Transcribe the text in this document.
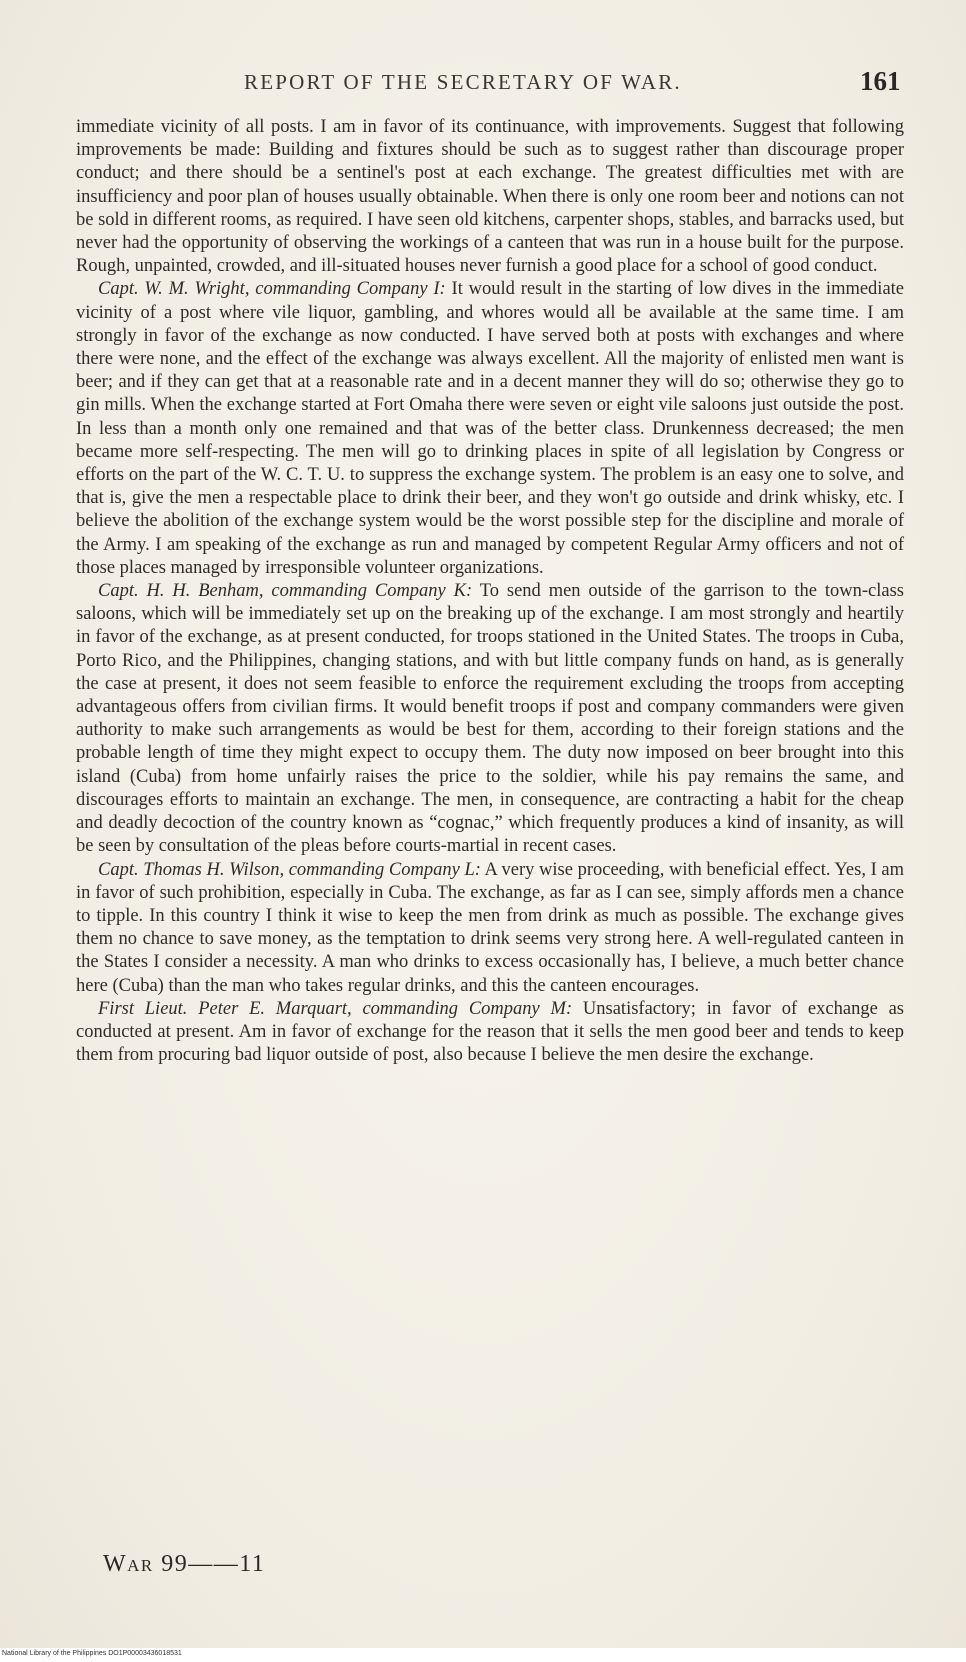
REPORT OF THE SECRETARY OF WAR.	161

immediate vicinity of all posts. I am in favor of its continuance, with improvements. Suggest that following improvements be made: Building and fixtures should be such as to suggest rather than discourage proper conduct; and there should be a sentinel's post at each exchange. The greatest difficulties met with are insufficiency and poor plan of houses usually obtainable. When there is only one room beer and notions can not be sold in different rooms, as required. I have seen old kitchens, carpenter shops, stables, and barracks used, but never had the opportunity of observing the workings of a canteen that was run in a house built for the purpose. Rough, unpainted, crowded, and ill-situated houses never furnish a good place for a school of good conduct.

Capt. W. M. Wright, commanding Company I: It would result in the starting of low dives in the immediate vicinity of a post where vile liquor, gambling, and whores would all be available at the same time. I am strongly in favor of the exchange as now conducted. I have served both at posts with exchanges and where there were none, and the effect of the exchange was always excellent. All the majority of enlisted men want is beer; and if they can get that at a reasonable rate and in a decent manner they will do so; otherwise they go to gin mills. When the exchange started at Fort Omaha there were seven or eight vile saloons just outside the post. In less than a month only one remained and that was of the better class. Drunkenness decreased; the men became more self-respecting. The men will go to drinking places in spite of all legislation by Congress or efforts on the part of the W. C. T. U. to suppress the exchange system. The problem is an easy one to solve, and that is, give the men a respectable place to drink their beer, and they won't go outside and drink whisky, etc. I believe the abolition of the exchange system would be the worst possible step for the discipline and morale of the Army. I am speaking of the exchange as run and managed by competent Regular Army officers and not of those places managed by irresponsible volunteer organizations.

Capt. H. H. Benham, commanding Company K: To send men outside of the garrison to the town-class saloons, which will be immediately set up on the breaking up of the exchange. I am most strongly and heartily in favor of the exchange, as at present conducted, for troops stationed in the United States. The troops in Cuba, Porto Rico, and the Philippines, changing stations, and with but little company funds on hand, as is generally the case at present, it does not seem feasible to enforce the requirement excluding the troops from accepting advantageous offers from civilian firms. It would benefit troops if post and company commanders were given authority to make such arrangements as would be best for them, according to their foreign stations and the probable length of time they might expect to occupy them. The duty now imposed on beer brought into this island (Cuba) from home unfairly raises the price to the soldier, while his pay remains the same, and discourages efforts to maintain an exchange. The men, in consequence, are contracting a habit for the cheap and deadly decoction of the country known as “cognac,” which frequently produces a kind of insanity, as will be seen by consultation of the pleas before courts-martial in recent cases.

Capt. Thomas H. Wilson, commanding Company L: A very wise proceeding, with beneficial effect. Yes, I am in favor of such prohibition, especially in Cuba. The exchange, as far as I can see, simply affords men a chance to tipple. In this country I think it wise to keep the men from drink as much as possible. The exchange gives them no chance to save money, as the temptation to drink seems very strong here. A well-regulated canteen in the States I consider a necessity. A man who drinks to excess occasionally has, I believe, a much better chance here (Cuba) than the man who takes regular drinks, and this the canteen encourages.

First Lieut. Peter E. Marquart, commanding Company M: Unsatisfactory; in favor of exchange as conducted at present. Am in favor of exchange for the reason that it sells the men good beer and tends to keep them from procuring bad liquor outside of post, also because I believe the men desire the exchange.

War 99——11
National Library of the Philippines DO1P00003436018531
